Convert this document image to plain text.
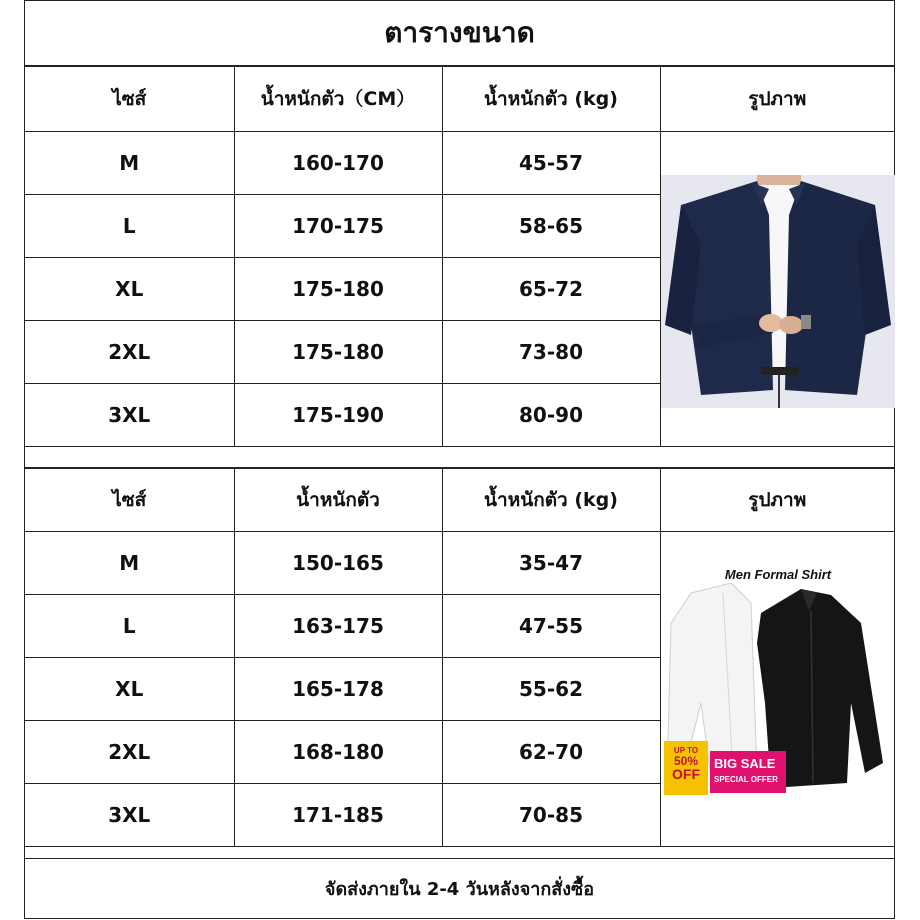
ตารางขนาด
ไซส์	น้ำหนักตัว（CM）	น้ำหนักตัว (kg)	รูปภาพ
M	160-170	45-57	
L	170-175	58-65	
XL	175-180	65-72	
2XL	175-180	73-80	
3XL	175-190	80-90	
ไซส์	น้ำหนักตัว	น้ำหนักตัว (kg)	รูปภาพ
M	150-165	35-47	
L	163-175	47-55	
XL	165-178	55-62	
2XL	168-180	62-70	
3XL	171-185	70-85	
จัดส่งภายใน 2-4 วันหลังจากสั่งซื้อ
Men Formal Shirt
UP TO
50%
OFF
BIG SALE
SPECIAL OFFER
